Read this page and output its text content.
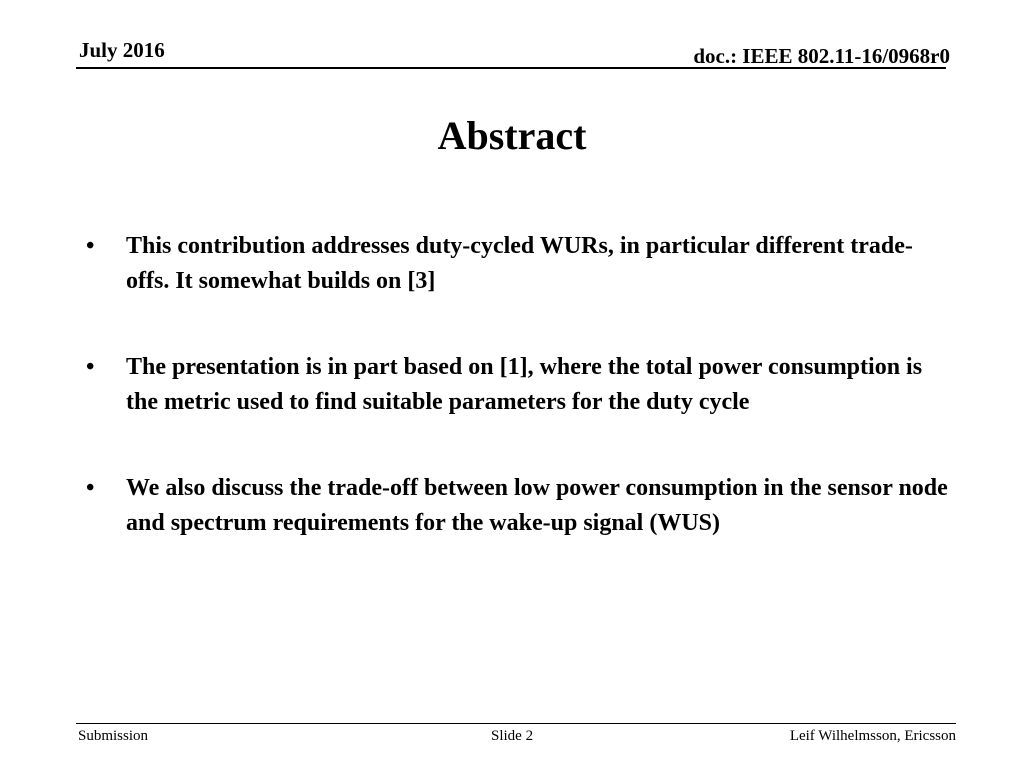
July 2016	doc.: IEEE 802.11-16/0968r0
Abstract
•	This contribution addresses duty-cycled WURs, in particular different trade-offs. It somewhat builds on [3]
•	The presentation is in part based on [1], where the total power consumption is the metric used to find suitable parameters for the duty cycle
•	We also discuss the trade-off between low power consumption in the sensor node and spectrum requirements for the wake-up signal (WUS)
Submission	Slide 2	Leif Wilhelmsson, Ericsson
